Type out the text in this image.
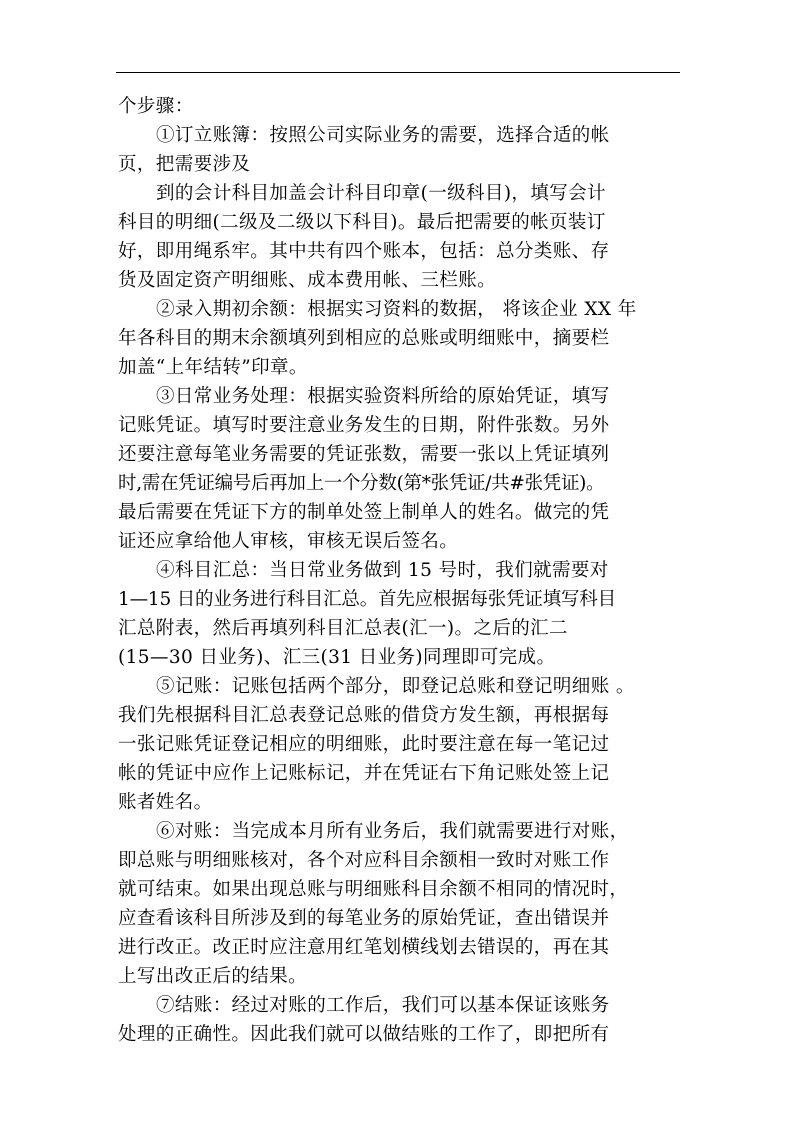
个步骤：
①订立账簿：按照公司实际业务的需要，选择合适的帐
页，把需要涉及
到的会计科目加盖会计科目印章(一级科目)，填写会计
科目的明细(二级及二级以下科目)。最后把需要的帐页装订
好，即用绳系牢。其中共有四个账本，包括：总分类账、存
货及固定资产明细账、成本费用帐、三栏账。
②录入期初余额：根据实习资料的数据， 将该企业 XX 年
年各科目的期末余额填列到相应的总账或明细账中，摘要栏
加盖“上年结转”印章。
③日常业务处理：根据实验资料所给的原始凭证，填写
记账凭证。填写时要注意业务发生的日期，附件张数。另外
还要注意每笔业务需要的凭证张数，需要一张以上凭证填列
时,需在凭证编号后再加上一个分数(第*张凭证/共#张凭证)。
最后需要在凭证下方的制单处签上制单人的姓名。做完的凭
证还应拿给他人审核，审核无误后签名。
④科目汇总：当日常业务做到 15 号时，我们就需要对
1—15 日的业务进行科目汇总。首先应根据每张凭证填写科目
汇总附表，然后再填列科目汇总表(汇一)。之后的汇二
(15—30 日业务)、汇三(31 日业务)同理即可完成。
⑤记账：记账包括两个部分，即登记总账和登记明细账 。
我们先根据科目汇总表登记总账的借贷方发生额，再根据每
一张记账凭证登记相应的明细账，此时要注意在每一笔记过
帐的凭证中应作上记账标记，并在凭证右下角记账处签上记
账者姓名。
⑥对账：当完成本月所有业务后，我们就需要进行对账，
即总账与明细账核对，各个对应科目余额相一致时对账工作
就可结束。如果出现总账与明细账科目余额不相同的情况时，
应查看该科目所涉及到的每笔业务的原始凭证，查出错误并
进行改正。改正时应注意用红笔划横线划去错误的，再在其
上写出改正后的结果。
⑦结账：经过对账的工作后，我们可以基本保证该账务
处理的正确性。因此我们就可以做结账的工作了，即把所有
